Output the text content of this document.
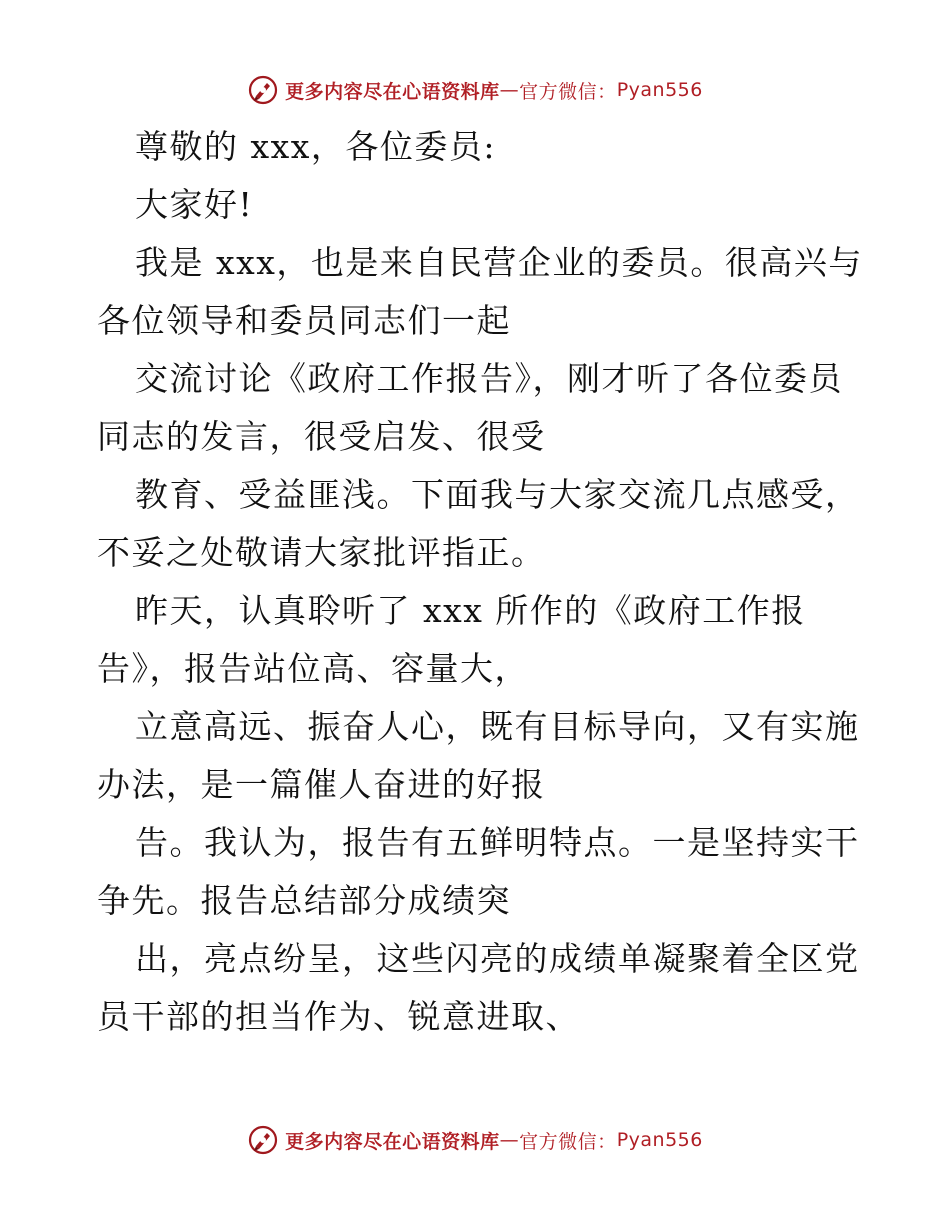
更多内容尽在心语资料库 — 官方微信： Pyan556
尊敬的 xxx，各位委员:
大家好!
我是 xxx，也是来自民营企业的委员。很高兴与
各位领导和委员同志们一起
交流讨论《政府工作报告》，刚才听了各位委员
同志的发言，很受启发、很受
教育、受益匪浅。下面我与大家交流几点感受，
不妥之处敬请大家批评指正。
昨天，认真聆听了 xxx 所作的《政府工作报
告》，报告站位高、容量大，
立意高远、振奋人心，既有目标导向，又有实施
办法，是一篇催人奋进的好报
告。我认为，报告有五鲜明特点。一是坚持实干
争先。报告总结部分成绩突
出，亮点纷呈，这些闪亮的成绩单凝聚着全区党
员干部的担当作为、锐意进取、
更多内容尽在心语资料库 — 官方微信： Pyan556
